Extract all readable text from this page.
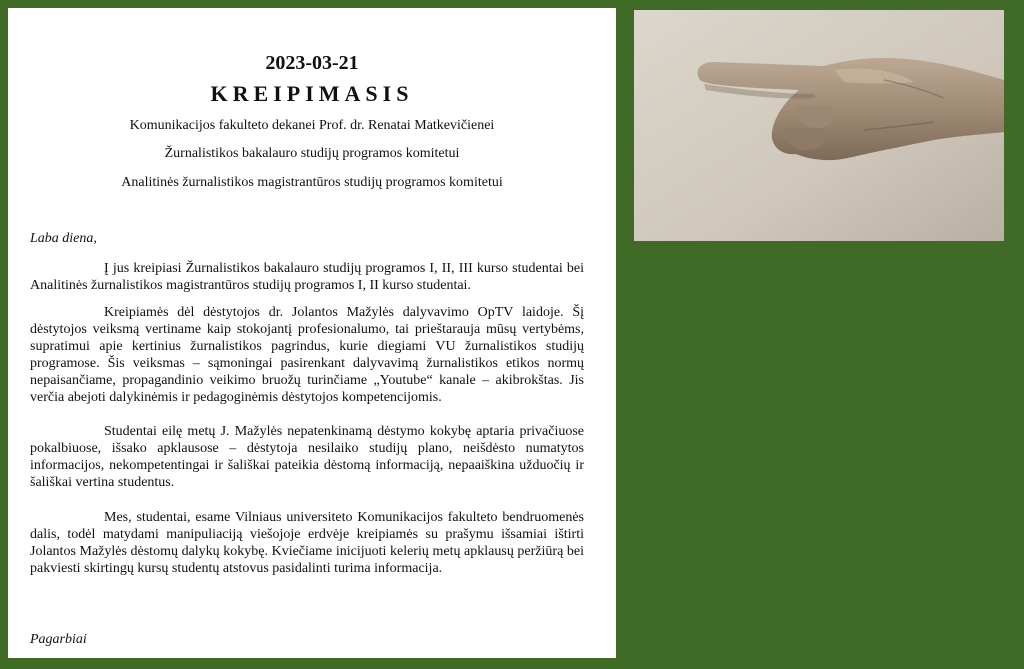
2023-03-21
KREIPIMASIS
Komunikacijos fakulteto dekanei Prof. dr. Renatai Matkevičienei
Žurnalistikos bakalauro studijų programos komitetui
Analitinės žurnalistikos magistrantūros studijų programos komitetui
Laba diena,

Į jus kreipiasi Žurnalistikos bakalauro studijų programos I, II, III kurso studentai bei Analitinės žurnalistikos magistrantūros studijų programos I, II kurso studentai.

Kreipiamės dėl dėstytojos dr. Jolantos Mažylės dalyvavimo OpTV laidoje. Šį dėstytojos veiksmą vertiname kaip stokojantį profesionalumo, tai prieštarauja mūsų vertybėms, supratimui apie kertinius žurnalistikos pagrindus, kurie diegiami VU žurnalistikos studijų programose. Šis veiksmas – sąmoningai pasirenkant dalyvavimą žurnalistikos etikos normų nepaisančiame, propagandinio veikimo bruožų turinčiame „Youtube“ kanale – akibrokštas. Jis verčia abejoti dalykinėmis ir pedagoginėmis dėstytojos kompetencijomis.

Studentai eilę metų J. Mažylės nepatenkinamą dėstymo kokybę aptaria privačiuose pokalbiuose, išsako apklausose – dėstytoja nesilaiko studijų plano, neišdėsto numatytos informacijos, nekompetentingai ir šališkai pateikia dėstomą informaciją, nepaaiškina užduočių ir šališkai vertina studentus.

Mes, studentai, esame Vilniaus universiteto Komunikacijos fakulteto bendruomenės dalis, todėl matydami manipuliaciją viešojoje erdvėje kreipiamės su prašymu išsamiai ištirti Jolantos Mažylės dėstomų dalykų kokybę. Kviečiame inicijuoti kelerių metų apklausų peržiūrą bei pakviesti skirtingų kursų studentų atstovus pasidalinti turima informacija.

Pagarbiai
